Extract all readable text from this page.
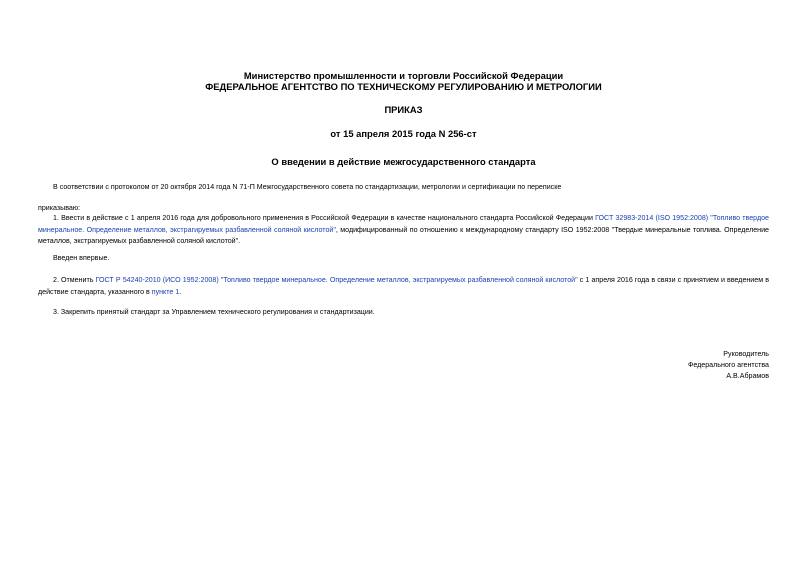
Министерство промышленности и торговли Российской Федерации
ФЕДЕРАЛЬНОЕ АГЕНТСТВО ПО ТЕХНИЧЕСКОМУ РЕГУЛИРОВАНИЮ И МЕТРОЛОГИИ
ПРИКАЗ
от 15 апреля 2015 года N 256-ст
О введении в действие межгосударственного стандарта
В соответствии с протоколом от 20 октября 2014 года N 71-П Межгосударственного совета по стандартизации, метрологии и сертификации по переписке
приказываю:
1. Ввести в действие с 1 апреля 2016 года для добровольного применения в Российской Федерации в качестве национального стандарта Российской Федерации ГОСТ 32983-2014 (ISO 1952:2008) "Топливо твердое минеральное. Определение металлов, экстрагируемых разбавленной соляной кислотой", модифицированный по отношению к международному стандарту ISO 1952:2008 "Твердые минеральные топлива. Определение металлов, экстрагируемых разбавленной соляной кислотой".
Введен впервые.
2. Отменить ГОСТ Р 54240-2010 (ИСО 1952:2008) "Топливо твердое минеральное. Определение металлов, экстрагируемых разбавленной соляной кислотой" с 1 апреля 2016 года в связи с принятием и введением в действие стандарта, указанного в пункте 1.
3. Закрепить принятый стандарт за Управлением технического регулирования и стандартизации.
Руководитель
Федерального агентства
А.В.Абрамов
